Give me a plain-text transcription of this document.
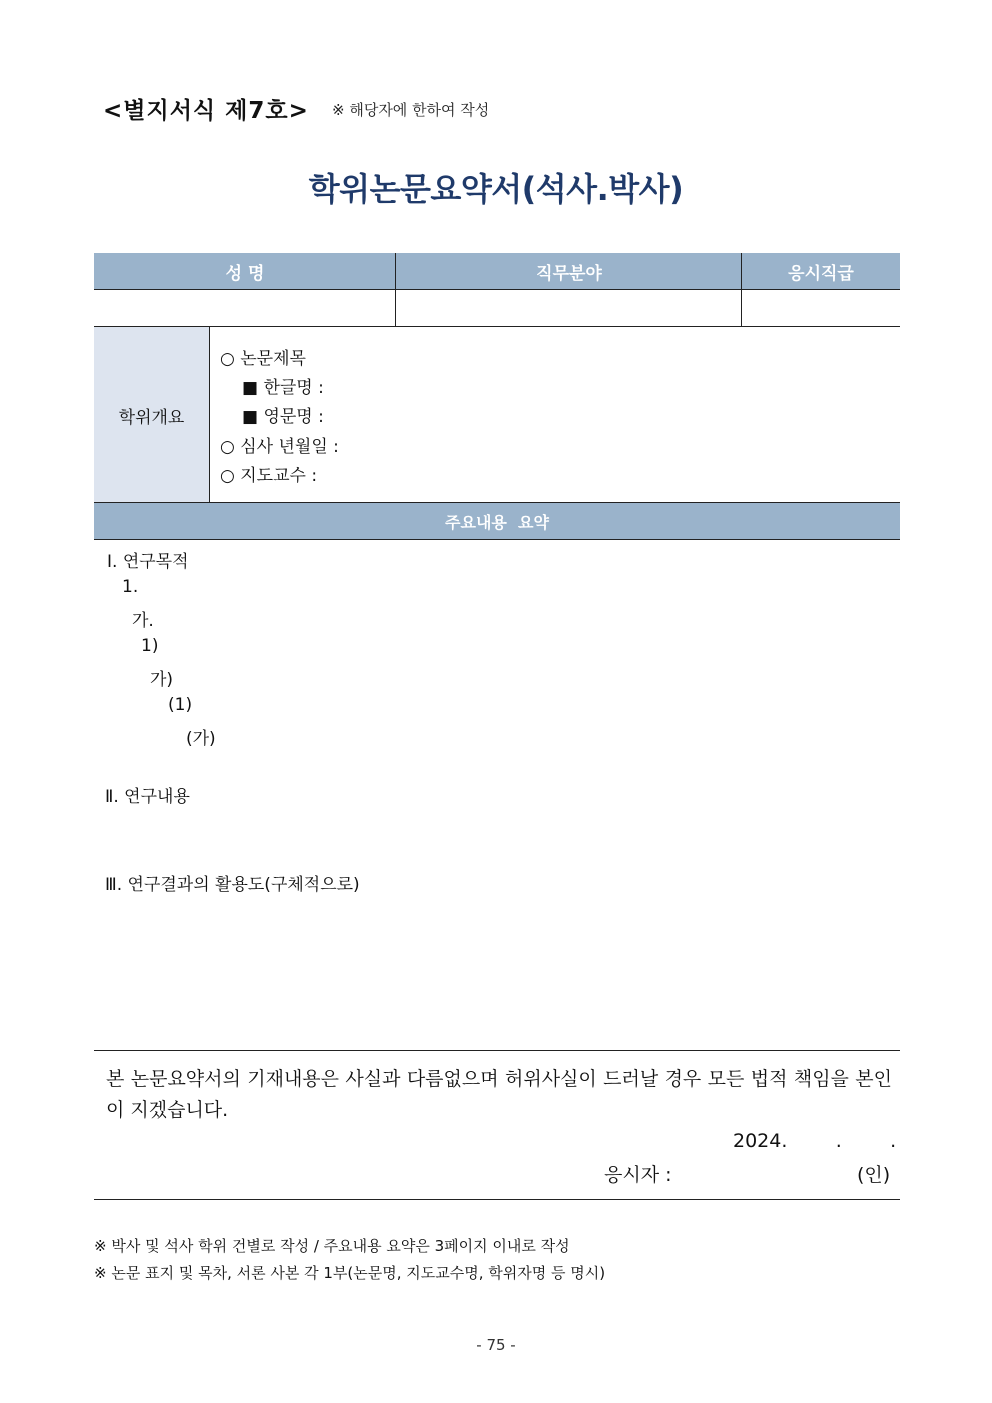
<별지서식 제7호> ※ 해당자에 한하여 작성
학위논문요약서(석사.박사)
성 명	직무분야	응시직급
학위개요
○ 논문제목
■ 한글명 :
■ 영문명 :
○ 심사 년월일 :
○ 지도교수 :
주요내용  요약
Ⅰ. 연구목적
1.
가.
1)
가)
(1)
(가)
Ⅱ. 연구내용
Ⅲ. 연구결과의 활용도(구체적으로)
본 논문요약서의 기재내용은 사실과 다름없으며 허위사실이 드러날 경우 모든 법적 책임을 본인이 지겠습니다.
2024.        .        .
응시자 :	(인)
※ 박사 및 석사 학위 건별로 작성 / 주요내용 요약은 3페이지 이내로 작성
※ 논문 표지 및 목차, 서론 사본 각 1부(논문명, 지도교수명, 학위자명 등 명시)
- 75 -
